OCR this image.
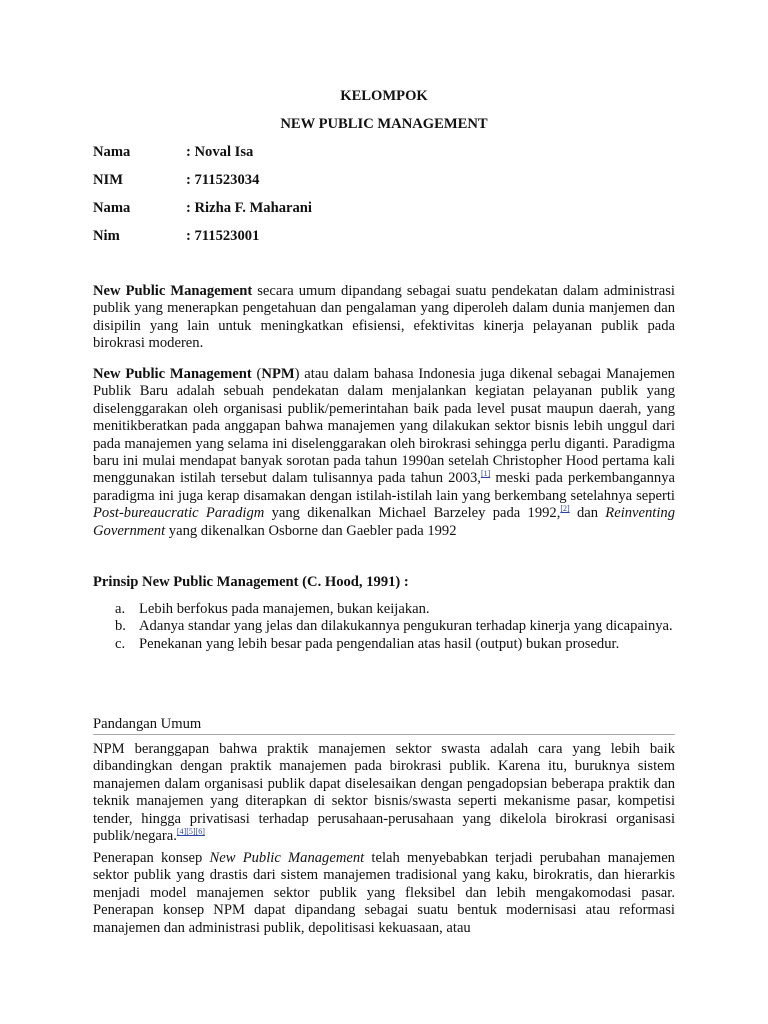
KELOMPOK
NEW PUBLIC MANAGEMENT
Nama	: Noval Isa
NIM	: 711523034
Nama	: Rizha F. Maharani
Nim	: 711523001

New Public Management secara umum dipandang sebagai suatu pendekatan dalam administrasi publik yang menerapkan pengetahuan dan pengalaman yang diperoleh dalam dunia manjemen dan disipilin yang lain untuk meningkatkan efisiensi, efektivitas kinerja pelayanan publik pada birokrasi moderen.

New Public Management (NPM) atau dalam bahasa Indonesia juga dikenal sebagai Manajemen Publik Baru adalah sebuah pendekatan dalam menjalankan kegiatan pelayanan publik yang diselenggarakan oleh organisasi publik/pemerintahan baik pada level pusat maupun daerah, yang menitikberatkan pada anggapan bahwa manajemen yang dilakukan sektor bisnis lebih unggul dari pada manajemen yang selama ini diselenggarakan oleh birokrasi sehingga perlu diganti. Paradigma baru ini mulai mendapat banyak sorotan pada tahun 1990an setelah Christopher Hood pertama kali menggunakan istilah tersebut dalam tulisannya pada tahun 2003,[1] meski pada perkembangannya paradigma ini juga kerap disamakan dengan istilah-istilah lain yang berkembang setelahnya seperti Post-bureaucratic Paradigm yang dikenalkan Michael Barzeley pada 1992,[2] dan Reinventing Government yang dikenalkan Osborne dan Gaebler pada 1992

Prinsip New Public Management (C. Hood, 1991) :

a. Lebih berfokus pada manajemen, bukan keijakan.
b. Adanya standar yang jelas dan dilakukannya pengukuran terhadap kinerja yang dicapainya.
c. Penekanan yang lebih besar pada pengendalian atas hasil (output) bukan prosedur.
Pandangan Umum

NPM beranggapan bahwa praktik manajemen sektor swasta adalah cara yang lebih baik dibandingkan dengan praktik manajemen pada birokrasi publik. Karena itu, buruknya sistem manajemen dalam organisasi publik dapat diselesaikan dengan pengadopsian beberapa praktik dan teknik manajemen yang diterapkan di sektor bisnis/swasta seperti mekanisme pasar, kompetisi tender, hingga privatisasi terhadap perusahaan-perusahaan yang dikelola birokrasi organisasi publik/negara.[4][5][6]

Penerapan konsep New Public Management telah menyebabkan terjadi perubahan manajemen sektor publik yang drastis dari sistem manajemen tradisional yang kaku, birokratis, dan hierarkis menjadi model manajemen sektor publik yang fleksibel dan lebih mengakomodasi pasar. Penerapan konsep NPM dapat dipandang sebagai suatu bentuk modernisasi atau reformasi manajemen dan administrasi publik, depolitisasi kekuasaan, atau
